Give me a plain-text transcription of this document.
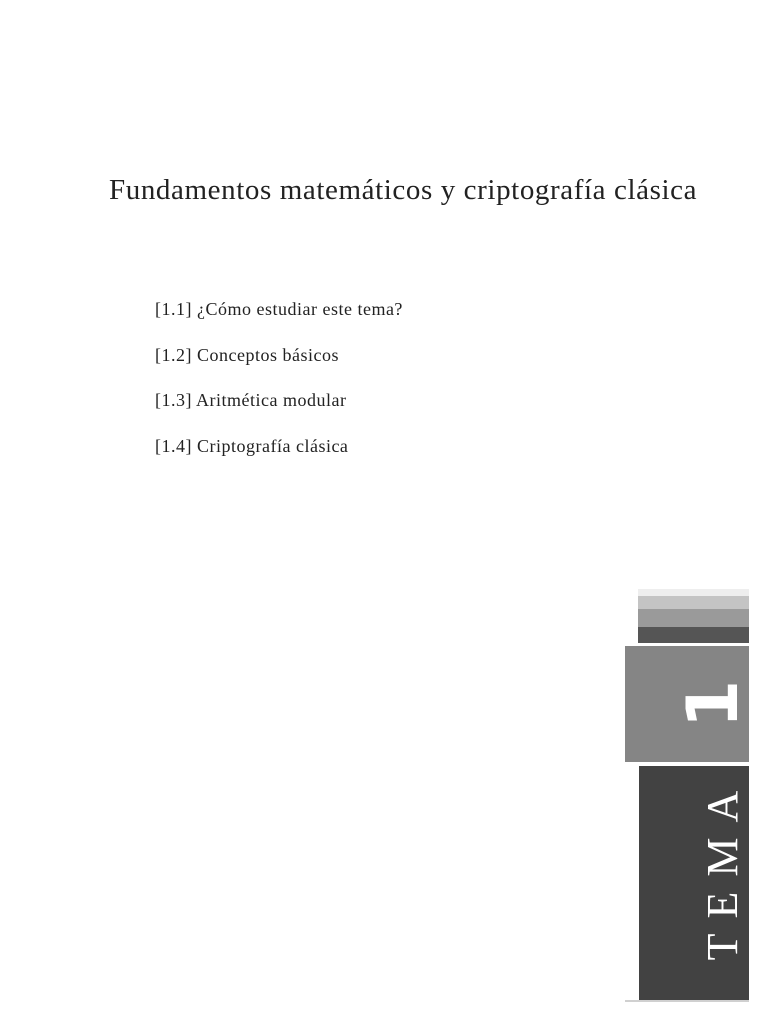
Fundamentos matemáticos y criptografía clásica
[1.1] ¿Cómo estudiar este tema?
[1.2] Conceptos básicos
[1.3] Aritmética modular
[1.4] Criptografía clásica
1
TEMA
